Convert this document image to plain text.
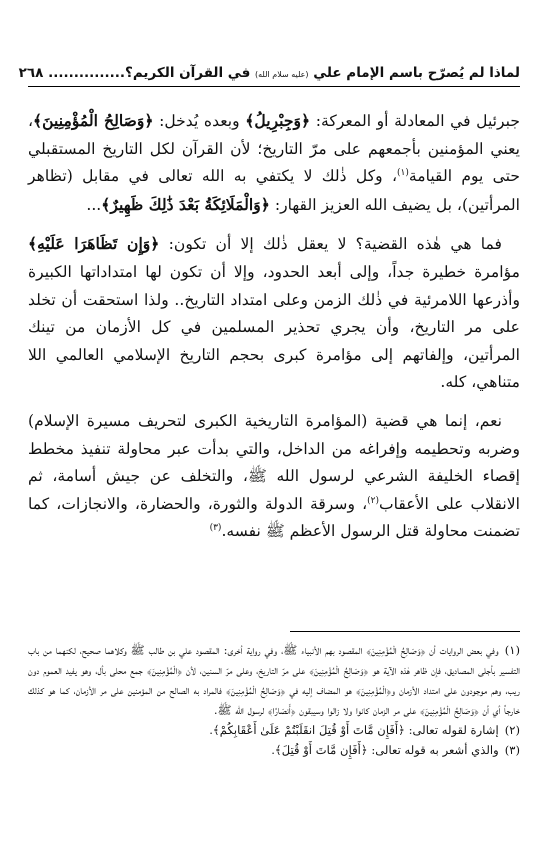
لماذا لم يُصرّح باسم الإمام علي (عليه سلام الله) في القرآن الكريم؟
............... ٢٦٨

جبرئيل في المعادلة أو المعركة: ﴿وَجِبْرِيلُ﴾ وبعده يُدخل: ﴿وَصَالِحُ الْمُؤْمِنِينَ﴾، يعني المؤمنين بأجمعهم على مرّ التاريخ؛ لأن القرآن لكل التاريخ المستقبلي حتى يوم القيامة$^{(١)}$، وكل ذٰلك لا يكتفي به الله تعالى في مقابل (تظاهر المرأتين)، بل يضيف الله العزيز القهار: ﴿وَالْمَلَائِكَةُ بَعْدَ ذَٰلِكَ ظَهِيرٌ﴾...

فما هي هٰذه القضية؟ لا يعقل ذٰلك إلا أن تكون: ﴿وَإِن تَظَاهَرَا عَلَيْهِ﴾ مؤامرة خطيرة جداً، وإلى أبعد الحدود، وإلا أن تكون لها امتداداتها الكبيرة وأذرعها اللامرئية في ذٰلك الزمن وعلى امتداد التاريخ.. ولذا استحقت أن تخلد على مر التاريخ، وأن يجري تحذير المسلمين في كل الأزمان من تينك المرأتين، وإلفاتهم إلى مؤامرة كبرى بحجم التاريخ الإسلامي العالمي اللا متناهي، كله.

نعم، إنما هي قضية (المؤامرة التاريخية الكبرى لتحريف مسيرة الإسلام) وضربه وتحطيمه وإفراغه من الداخل، والتي بدأت عبر محاولة تنفيذ مخطط إقصاء الخليفة الشرعي لرسول الله ﷺ، والتخلف عن جيش أسامة، ثم الانقلاب على الأعقاب$^{(٢)}$، وسرقة الدولة والثورة، والحضارة، والانجازات، كما تضمنت محاولة قتل الرسول الأعظم ﷺ نفسه.$^{(٣)}$

(١)وفي بعض الروايات أن ﴿وَصَالِحُ الْمُؤْمِنِينَ﴾ المقصود بهم الأنبياء ﷺ، وفي رواية أخرى: المقصود علي بن طالب ﷺ وكلاهما صحيح، لكنهما من باب التفسير بأجلى المصاديق، فإن ظاهر هٰذه الآية هو ﴿وَصَالِحُ الْمُؤْمِنِينَ﴾ على مرّ التاريخ، وعلى مرّ السنين، لأن ﴿الْمُؤْمِنِينَ﴾ جمع محلى بأل، وهو يفيد العموم دون ريب، وهم موجودون على امتداد الأزمان و﴿الْمُؤْمِنِينَ﴾ هو المضاف إليه في ﴿وَصَالِحُ الْمُؤْمِنِينَ﴾ فالمراد به الصالح من المؤمنين على مر الأزمان، كما هو كذلك خارجاً أي أن ﴿وَصَالِحُ الْمُؤْمِنِينَ﴾ على مر الزمان كانوا ولا زالوا وسيبقون ﴿أَنصَارًا﴾ لرسول الله ﷺ.

(٢)إشارة لقوله تعالى: ﴿أَفَإِن مَّاتَ أَوْ قُتِلَ انقَلَبْتُمْ عَلَىٰ أَعْقَابِكُمْ﴾.

(٣)والذي أشعر به قوله تعالى: ﴿أَفَإِن مَّاتَ أَوْ قُتِلَ﴾.
